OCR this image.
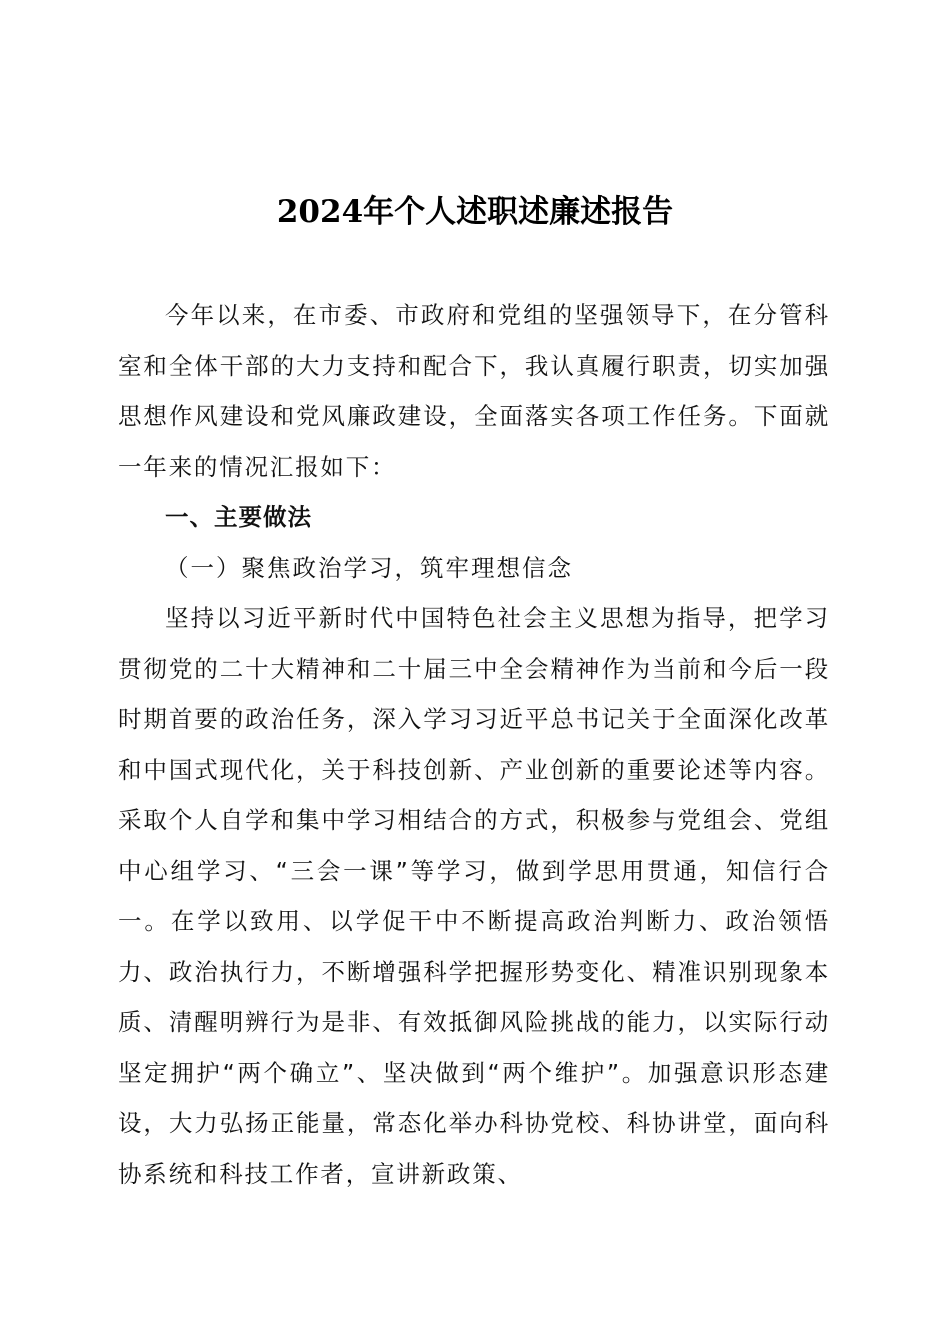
2024年个人述职述廉述报告

今年以来，在市委、市政府和党组的坚强领导下，在分管科室和全体干部的大力支持和配合下，我认真履行职责，切实加强思想作风建设和党风廉政建设，全面落实各项工作任务。下面就一年来的情况汇报如下：

一、主要做法

（一）聚焦政治学习，筑牢理想信念

坚持以习近平新时代中国特色社会主义思想为指导，把学习贯彻党的二十大精神和二十届三中全会精神作为当前和今后一段时期首要的政治任务，深入学习习近平总书记关于全面深化改革和中国式现代化，关于科技创新、产业创新的重要论述等内容。采取个人自学和集中学习相结合的方式，积极参与党组会、党组中心组学习、“三会一课”等学习，做到学思用贯通，知信行合一。在学以致用、以学促干中不断提高政治判断力、政治领悟力、政治执行力，不断增强科学把握形势变化、精准识别现象本质、清醒明辨行为是非、有效抵御风险挑战的能力，以实际行动坚定拥护“两个确立”、坚决做到“两个维护”。加强意识形态建设，大力弘扬正能量，常态化举办科协党校、科协讲堂，面向科协系统和科技工作者，宣讲新政策、
